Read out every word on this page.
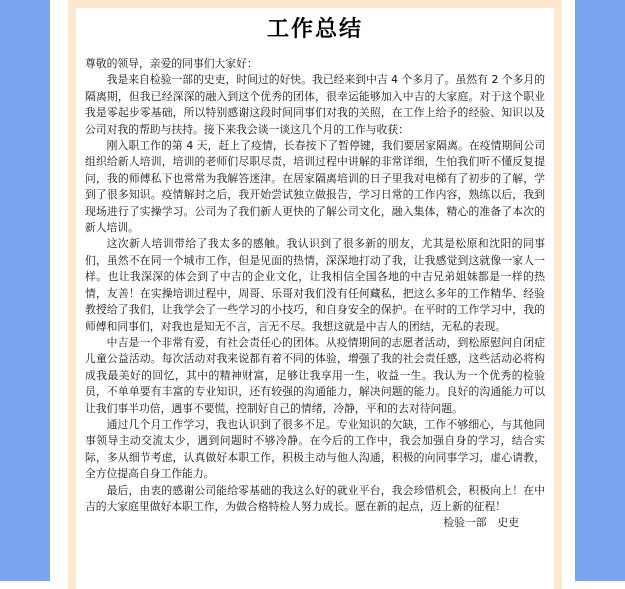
工作总结

尊敬的领导，亲爱的同事们大家好：

我是来自检验一部的史吏，时间过的好快。我已经来到中吉 4 个多月了。虽然有 2 个多月的隔离期，但我已经深深的融入到这个优秀的团体，很幸运能够加入中吉的大家庭。对于这个职业我是零起步零基础，所以特别感谢这段时间同事们对我的关照，在工作上给予的经验、知识以及公司对我的帮助与扶持。接下来我会谈一谈这几个月的工作与收获：

刚入职工作的第 4 天，赶上了疫情，长春按下了暂停键，我们要居家隔离。在疫情期间公司组织给新人培训，培训的老师们尽职尽责，培训过程中讲解的非常详细，生怕我们听不懂反复提问，我的师傅私下也常常为我解答迷津。在居家隔离培训的日子里我对电梯有了初步的了解，学到了很多知识。疫情解封之后，我开始尝试独立做报告，学习日常的工作内容，熟练以后，我到现场进行了实操学习。公司为了我们新人更快的了解公司文化，融入集体，精心的准备了本次的新人培训。

这次新人培训带给了我太多的感触。我认识到了很多新的朋友，尤其是松原和沈阳的同事们，虽然不在同一个城市工作，但是见面的热情，深深地打动了我，让我感觉到这就像一家人一样。也让我深深的体会到了中吉的企业文化，让我相信全国各地的中吉兄弟姐妹都是一样的热情，友善！在实操培训过程中，周哥、乐哥对我们没有任何藏私，把这么多年的工作精华、经验教授给了我们，让我学会了一些学习的小技巧，和自身安全的保护。在平时的工作学习中，我的师傅和同事们，对我也是知无不言，言无不尽。我想这就是中吉人的团结，无私的表现。

中吉是一个非常有爱，有社会责任心的团体。从疫情期间的志愿者活动，到松原慰问自闭症儿童公益活动。每次活动对我来说都有着不同的体验，增强了我的社会责任感，这些活动必将构成我最美好的回忆，其中的精神财富，足够让我享用一生，收益一生。我认为一个优秀的检验员，不单单要有丰富的专业知识，还有较强的沟通能力，解决问题的能力。良好的沟通能力可以让我们事半功倍，遇事不要慌，控制好自己的情绪，冷静，平和的去对待问题。

通过几个月工作学习，我也认识到了很多不足。专业知识的欠缺，工作不够细心，与其他同事领导主动交流太少，遇到问题时不够冷静。在今后的工作中，我会加强自身的学习，结合实际，多从细节考虑，认真做好本职工作，积极主动与他人沟通，积极的向同事学习，虚心请教，全方位提高自身工作能力。

最后，由衷的感谢公司能给零基础的我这么好的就业平台，我会珍惜机会，积极向上！在中吉的大家庭里做好本职工作，为做合格特检人努力成长。愿在新的起点，迈上新的征程！

检验一部　史吏
